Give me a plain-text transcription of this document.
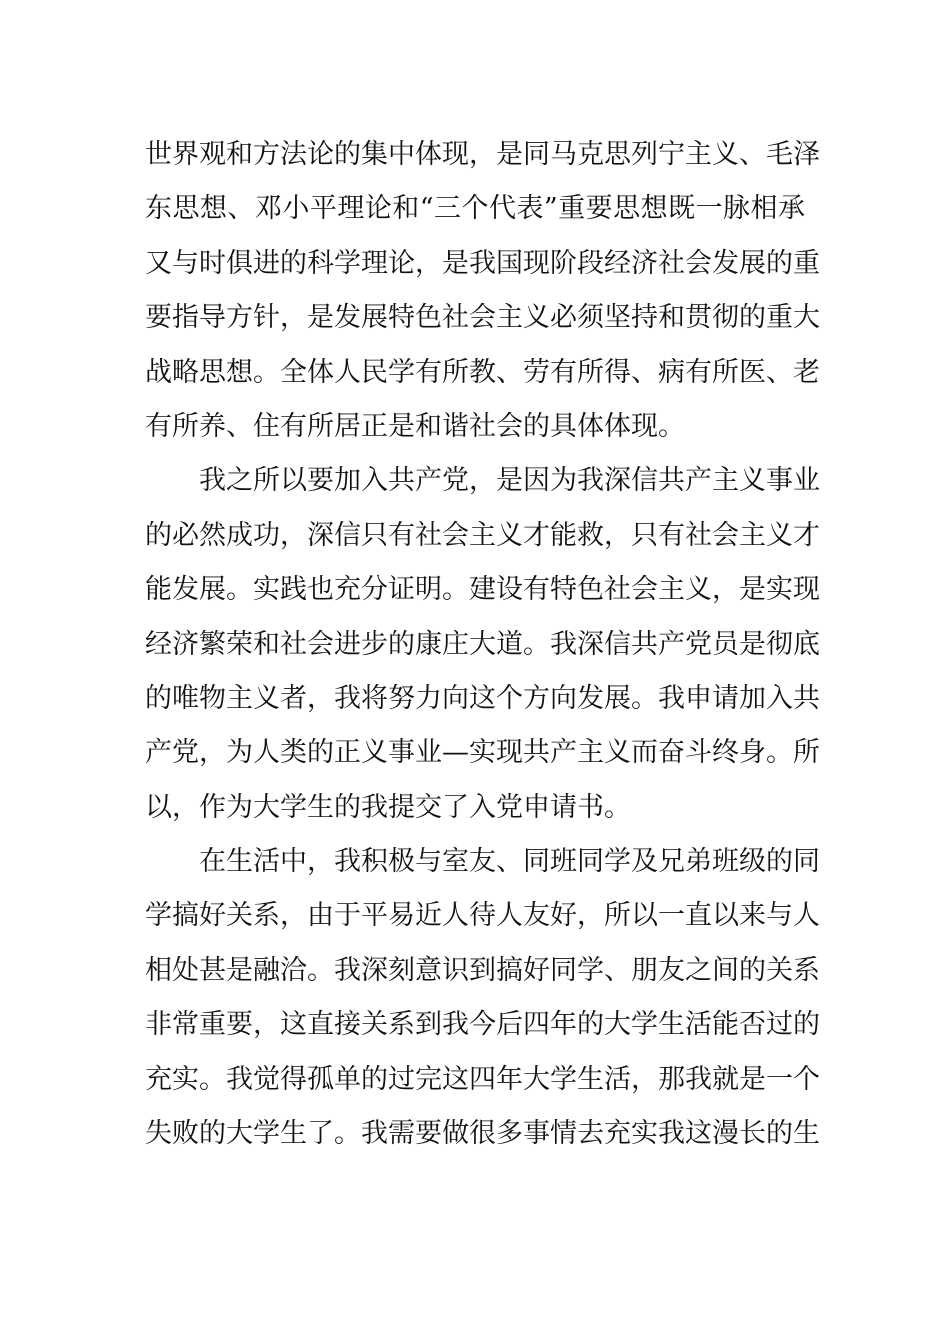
世界观和方法论的集中体现，是同马克思列宁主义、毛泽
东思想、邓小平理论和“三个代表”重要思想既一脉相承
又与时俱进的科学理论，是我国现阶段经济社会发展的重
要指导方针，是发展特色社会主义必须坚持和贯彻的重大
战略思想。全体人民学有所教、劳有所得、病有所医、老
有所养、住有所居正是和谐社会的具体体现。
我之所以要加入共产党，是因为我深信共产主义事业
的必然成功，深信只有社会主义才能救，只有社会主义才
能发展。实践也充分证明。建设有特色社会主义，是实现
经济繁荣和社会进步的康庄大道。我深信共产党员是彻底
的唯物主义者，我将努力向这个方向发展。我申请加入共
产党，为人类的正义事业—实现共产主义而奋斗终身。所
以，作为大学生的我提交了入党申请书。
在生活中，我积极与室友、同班同学及兄弟班级的同
学搞好关系，由于平易近人待人友好，所以一直以来与人
相处甚是融洽。我深刻意识到搞好同学、朋友之间的关系
非常重要，这直接关系到我今后四年的大学生活能否过的
充实。我觉得孤单的过完这四年大学生活，那我就是一个
失败的大学生了。我需要做很多事情去充实我这漫长的生
